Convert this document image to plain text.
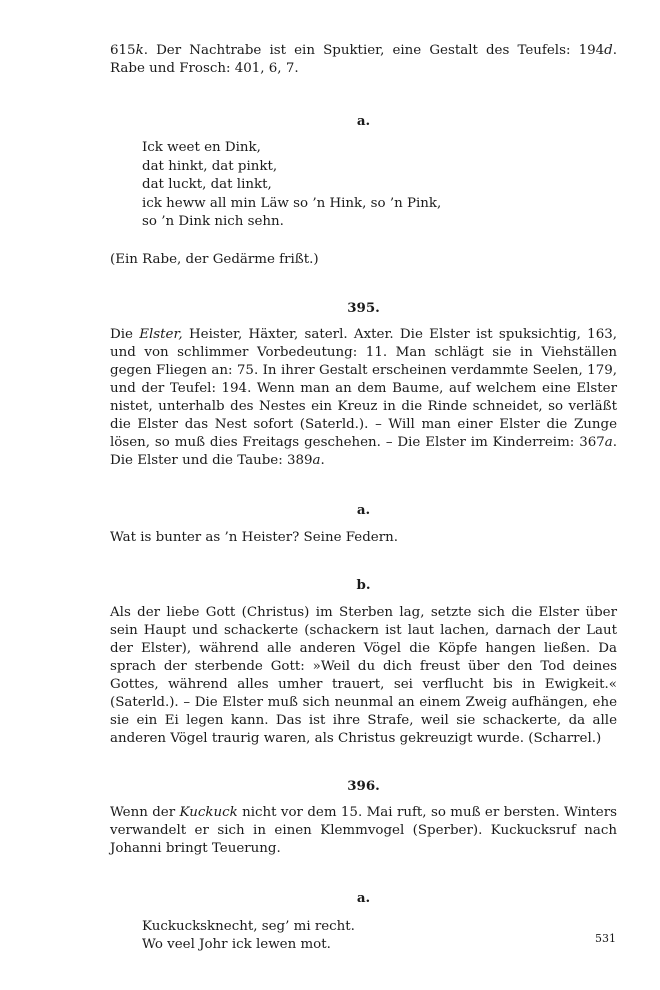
615k. Der Nachtrabe ist ein Spuktier, eine Gestalt des Teufels: 194d. Rabe und Frosch: 401, 6, 7.

a.

Ick weet en Dink,
dat hinkt, dat pinkt,
dat luckt, dat linkt,
ick heww all min Läw so ’n Hink, so ’n Pink,
so ’n Dink nich sehn.

(Ein Rabe, der Gedärme frißt.)

395.

Die Elster, Heister, Häxter, saterl. Axter. Die Elster ist spuksichtig, 163, und von schlimmer Vorbedeutung: 11. Man schlägt sie in Viehställen gegen Fliegen an: 75. In ihrer Gestalt erscheinen verdammte Seelen, 179, und der Teufel: 194. Wenn man an dem Baume, auf welchem eine Elster nistet, unterhalb des Nestes ein Kreuz in die Rinde schneidet, so verläßt die Elster das Nest sofort (Saterld.). – Will man einer Elster die Zunge lösen, so muß dies Freitags geschehen. – Die Elster im Kinderreim: 367a. Die Elster und die Taube: 389a.

a.

Wat is bunter as ’n Heister? Seine Federn.

b.

Als der liebe Gott (Christus) im Sterben lag, setzte sich die Elster über sein Haupt und schackerte (schackern ist laut lachen, darnach der Laut der Elster), während alle anderen Vögel die Köpfe hangen ließen. Da sprach der sterbende Gott: »Weil du dich freust über den Tod deines Gottes, während alles umher trauert, sei verflucht bis in Ewigkeit.« (Saterld.). – Die Elster muß sich neunmal an einem Zweig aufhängen, ehe sie ein Ei legen kann. Das ist ihre Strafe, weil sie schackerte, da alle anderen Vögel traurig waren, als Christus gekreuzigt wurde. (Scharrel.)

396.

Wenn der Kuckuck nicht vor dem 15. Mai ruft, so muß er bersten. Winters verwandelt er sich in einen Klemmvogel (Sperber). Kuckucksruf nach Johanni bringt Teuerung.

a.

Kuckucksknecht, seg’ mi recht.
Wo veel Johr ick lewen mot.	531
